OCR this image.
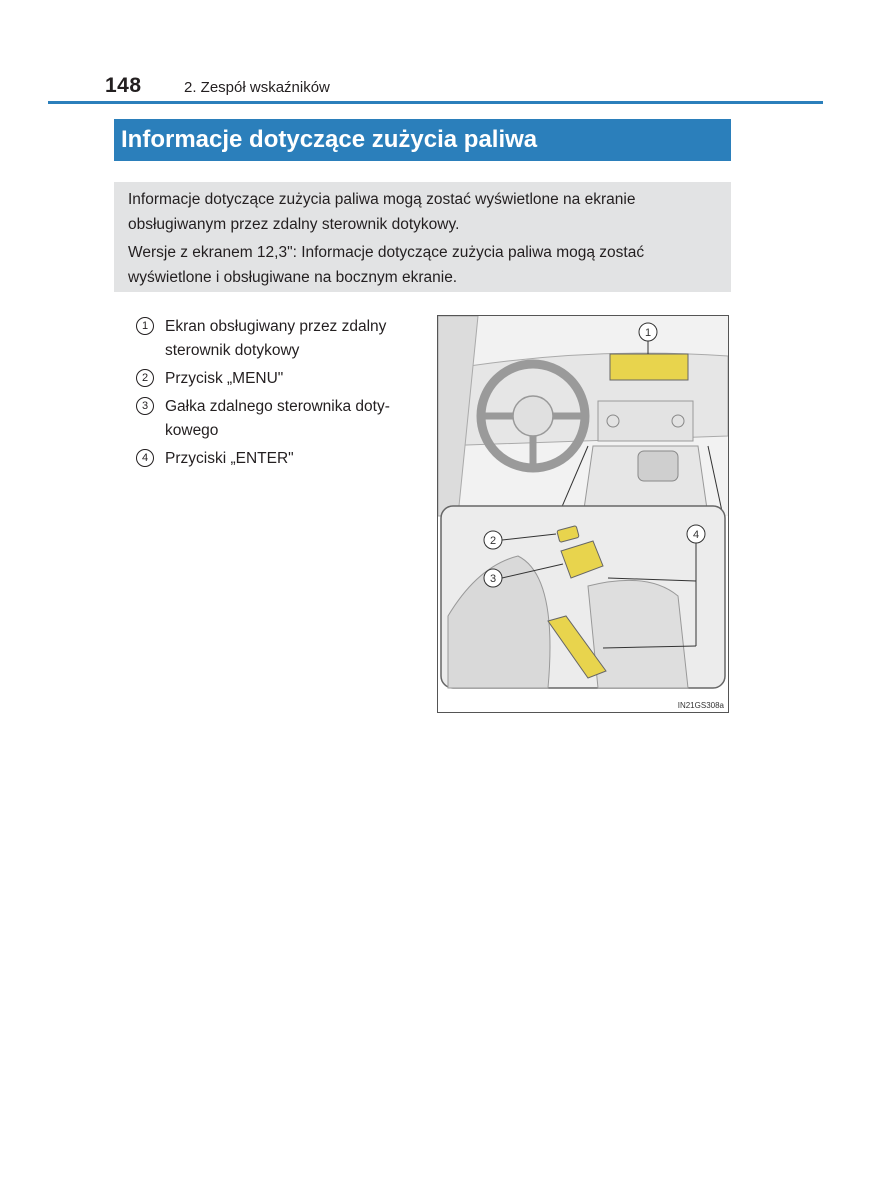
148	2. Zespół wskaźników
Informacje dotyczące zużycia paliwa

Informacje dotyczące zużycia paliwa mogą zostać wyświetlone na ekranie obsługiwanym przez zdalny sterownik dotykowy.

Wersje z ekranem 12,3": Informacje dotyczące zużycia paliwa mogą zostać wyświetlone i obsługiwane na bocznym ekranie.

1	Ekran obsługiwany przez zdalny sterownik dotykowy
2	Przycisk „MENU"
3	Gałka zdalnego sterownika doty-kowego
4	Przyciski „ENTER"
1
2
3
4
IN21GS308a
